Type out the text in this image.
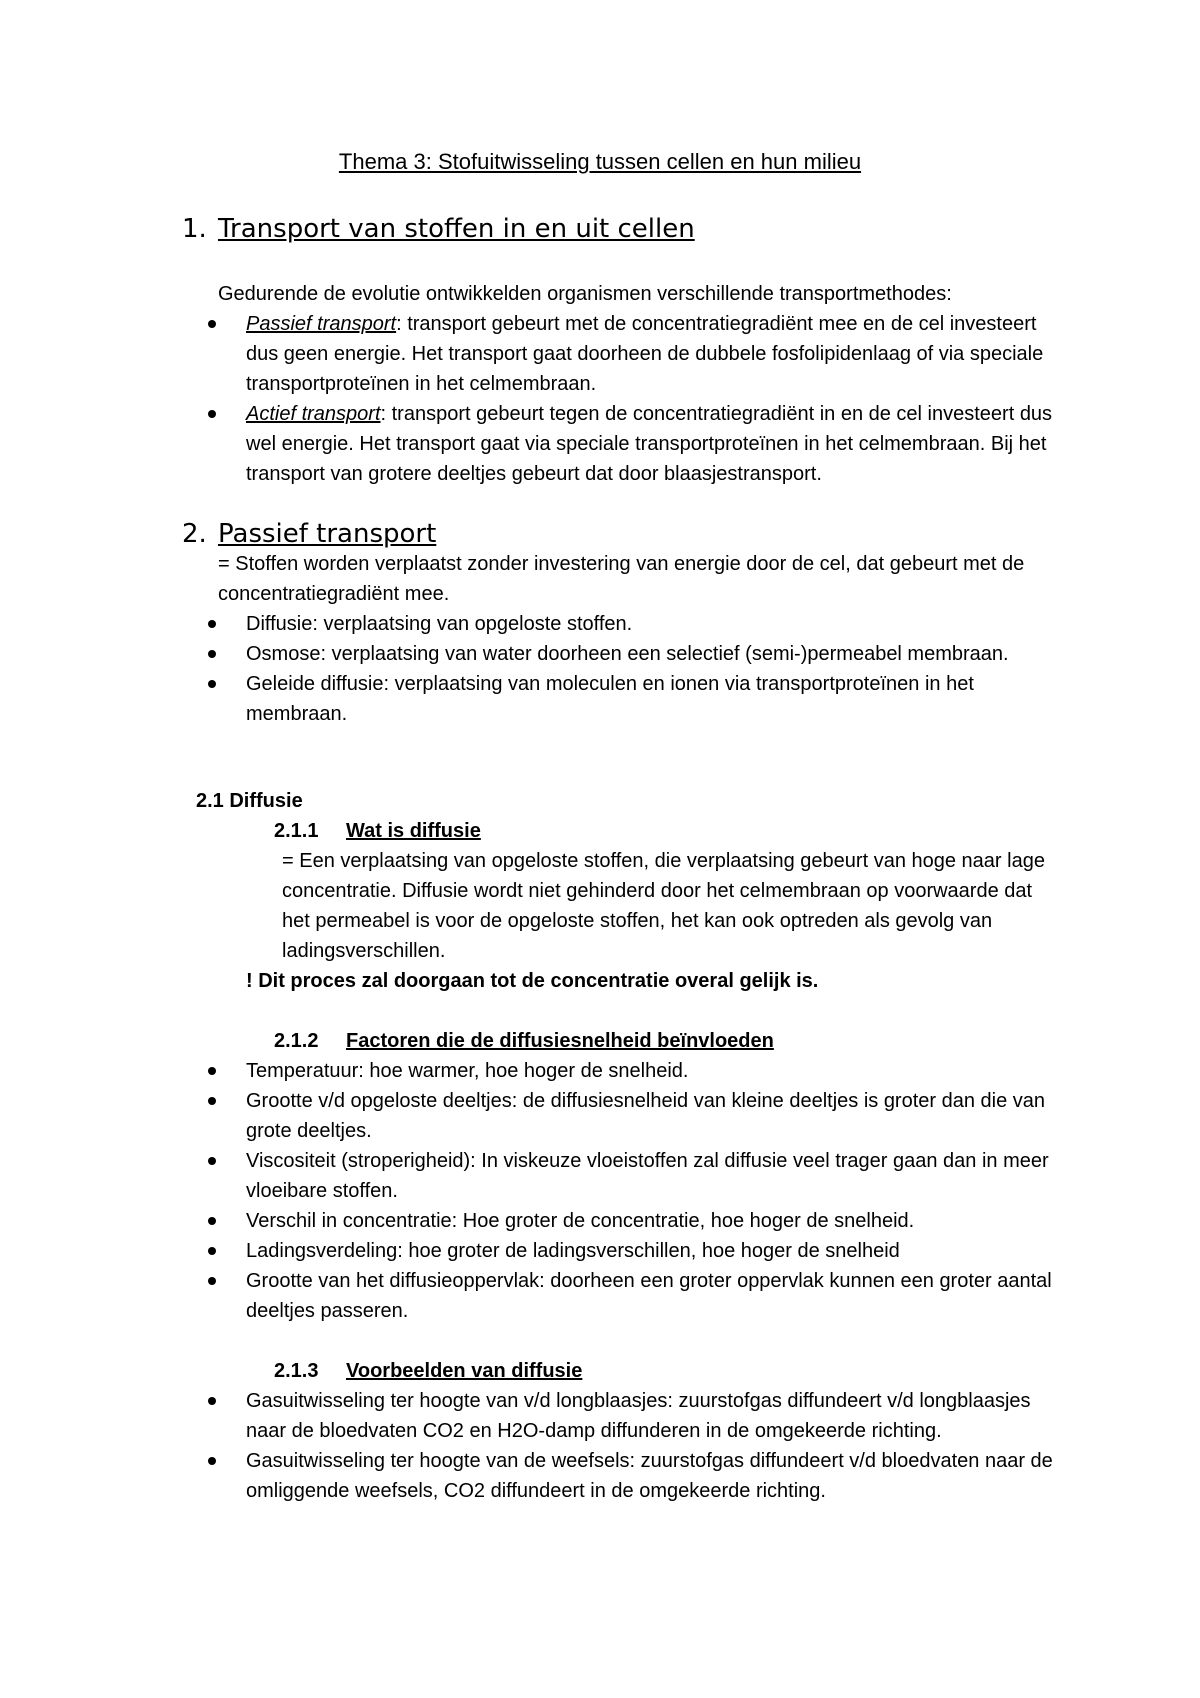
Thema 3: Stofuitwisseling tussen cellen en hun milieu
1. Transport van stoffen in en uit cellen

Gedurende de evolutie ontwikkelden organismen verschillende transportmethodes:

Passief transport: transport gebeurt met de concentratiegradiënt mee en de cel investeert dus geen energie. Het transport gaat doorheen de dubbele fosfolipidenlaag of via speciale transportproteïnen in het celmembraan.
Actief transport: transport gebeurt tegen de concentratiegradiënt in en de cel investeert dus wel energie. Het transport gaat via speciale transportproteïnen in het celmembraan. Bij het transport van grotere deeltjes gebeurt dat door blaasjestransport.
2. Passief transport

= Stoffen worden verplaatst zonder investering van energie door de cel, dat gebeurt met de concentratiegradiënt mee.

Diffusie: verplaatsing van opgeloste stoffen.
Osmose: verplaatsing van water doorheen een selectief (semi-)permeabel membraan.
Geleide diffusie: verplaatsing van moleculen en ionen via transportproteïnen in het membraan.
2.1 Diffusie
2.1.1 Wat is diffusie

= Een verplaatsing van opgeloste stoffen, die verplaatsing gebeurt van hoge naar lage concentratie. Diffusie wordt niet gehinderd door het celmembraan op voorwaarde dat het permeabel is voor de opgeloste stoffen, het kan ook optreden als gevolg van ladingsverschillen.

! Dit proces zal doorgaan tot de concentratie overal gelijk is.
2.1.2 Factoren die de diffusiesnelheid beïnvloeden
Temperatuur: hoe warmer, hoe hoger de snelheid.
Grootte v/d opgeloste deeltjes: de diffusiesnelheid van kleine deeltjes is groter dan die van grote deeltjes.
Viscositeit (stroperigheid): In viskeuze vloeistoffen zal diffusie veel trager gaan dan in meer vloeibare stoffen.
Verschil in concentratie: Hoe groter de concentratie, hoe hoger de snelheid.
Ladingsverdeling: hoe groter de ladingsverschillen, hoe hoger de snelheid
Grootte van het diffusieoppervlak: doorheen een groter oppervlak kunnen een groter aantal deeltjes passeren.
2.1.3 Voorbeelden van diffusie
Gasuitwisseling ter hoogte van v/d longblaasjes: zuurstofgas diffundeert v/d longblaasjes naar de bloedvaten CO2 en H2O-damp diffunderen in de omgekeerde richting.
Gasuitwisseling ter hoogte van de weefsels: zuurstofgas diffundeert v/d bloedvaten naar de omliggende weefsels, CO2 diffundeert in de omgekeerde richting.
